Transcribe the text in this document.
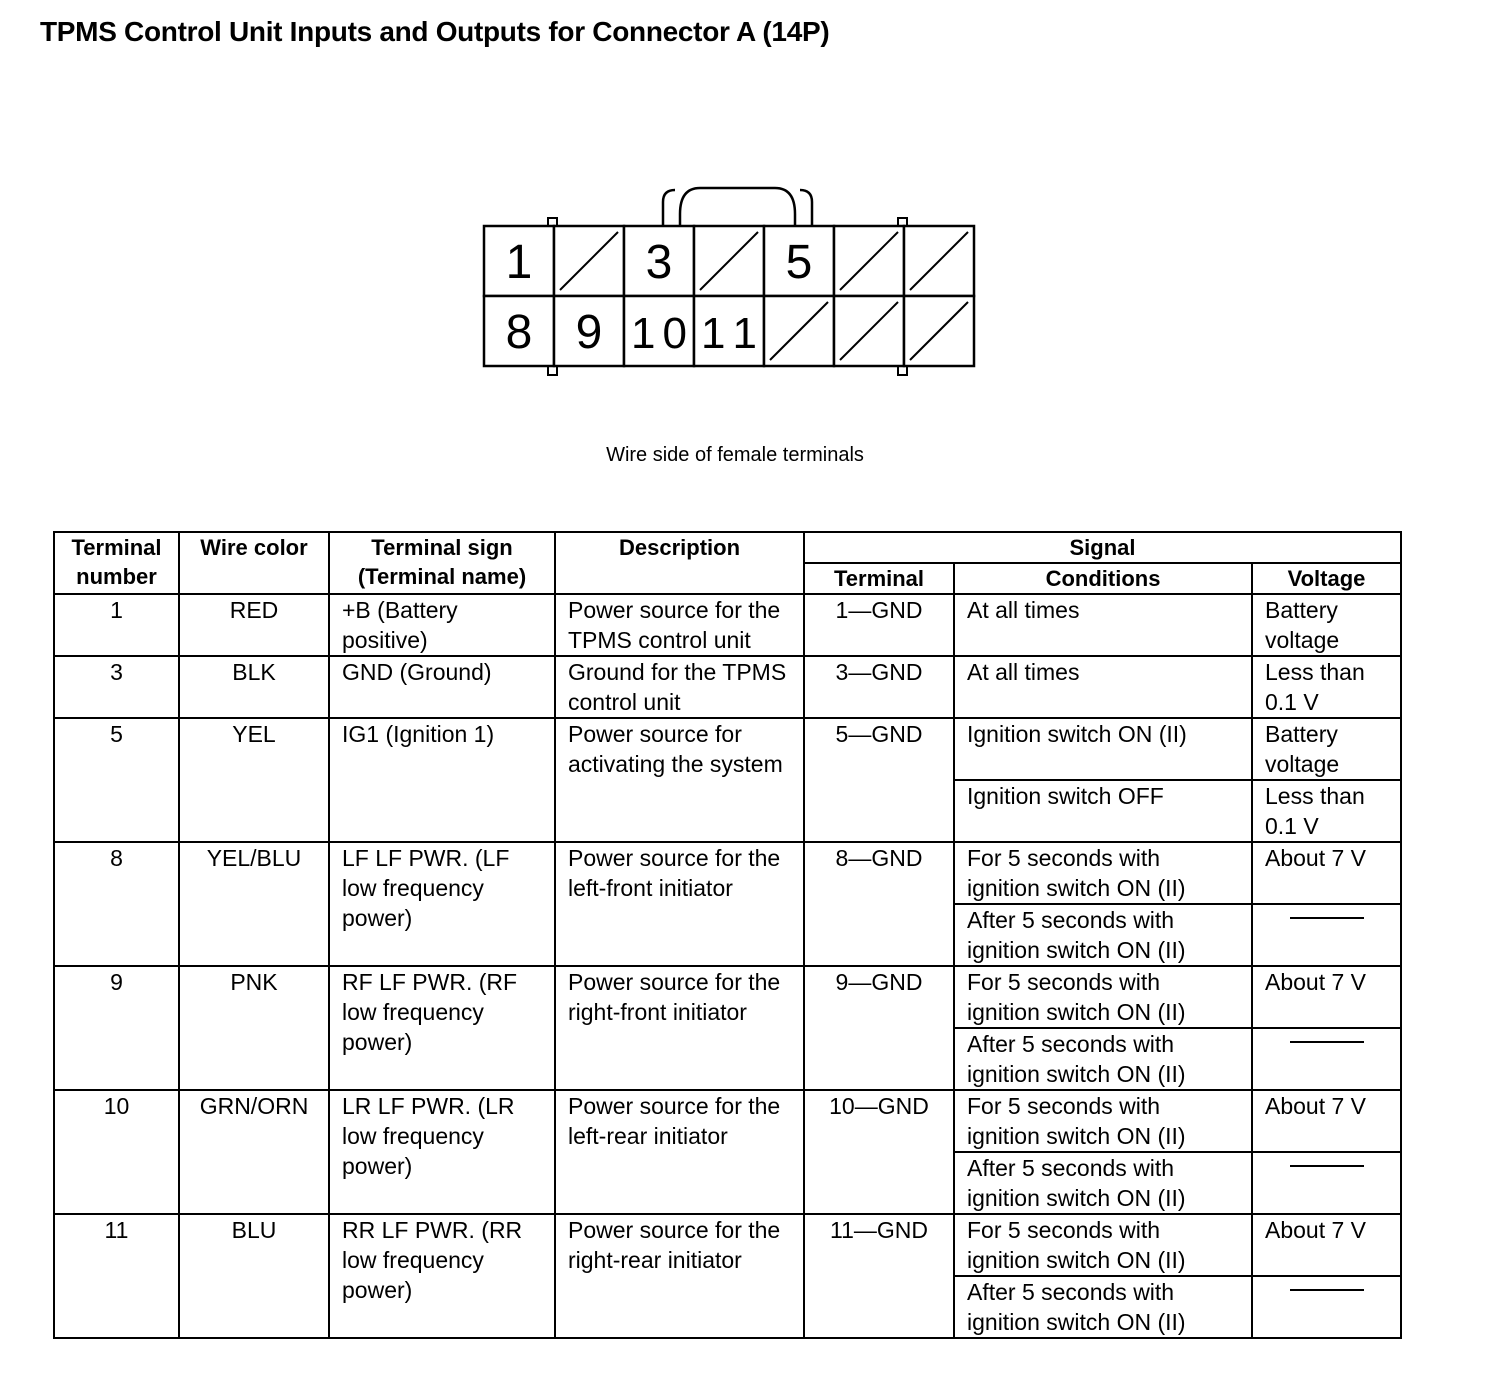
TPMS Control Unit Inputs and Outputs for Connector A (14P)
1 3 5
8 9 10 11
Wire side of female terminals
Terminal number	Wire color	Terminal sign (Terminal name)	Description	Signal		
				Terminal	Conditions	Voltage
1	RED	+B (Battery positive)	Power source for the TPMS control unit	1—GND	At all times	Battery voltage
3	BLK	GND (Ground)	Ground for the TPMS control unit	3—GND	At all times	Less than 0.1 V
5	YEL	IG1 (Ignition 1)	Power source for activating the system	5—GND	Ignition switch ON (II)	Battery voltage
					Ignition switch OFF	Less than 0.1 V
8	YEL/BLU	LF LF PWR. (LF low frequency power)	Power source for the left-front initiator	8—GND	For 5 seconds with ignition switch ON (II)	About 7 V
					After 5 seconds with ignition switch ON (II)	

9	PNK	RF LF PWR. (RF low frequency power)	Power source for the right-front initiator	9—GND	For 5 seconds with ignition switch ON (II)	About 7 V
					After 5 seconds with ignition switch ON (II)	

10	GRN/ORN	LR LF PWR. (LR low frequency power)	Power source for the left-rear initiator	10—GND	For 5 seconds with ignition switch ON (II)	About 7 V
					After 5 seconds with ignition switch ON (II)	

11	BLU	RR LF PWR. (RR low frequency power)	Power source for the right-rear initiator	11—GND	For 5 seconds with ignition switch ON (II)	About 7 V
					After 5 seconds with ignition switch ON (II)	
